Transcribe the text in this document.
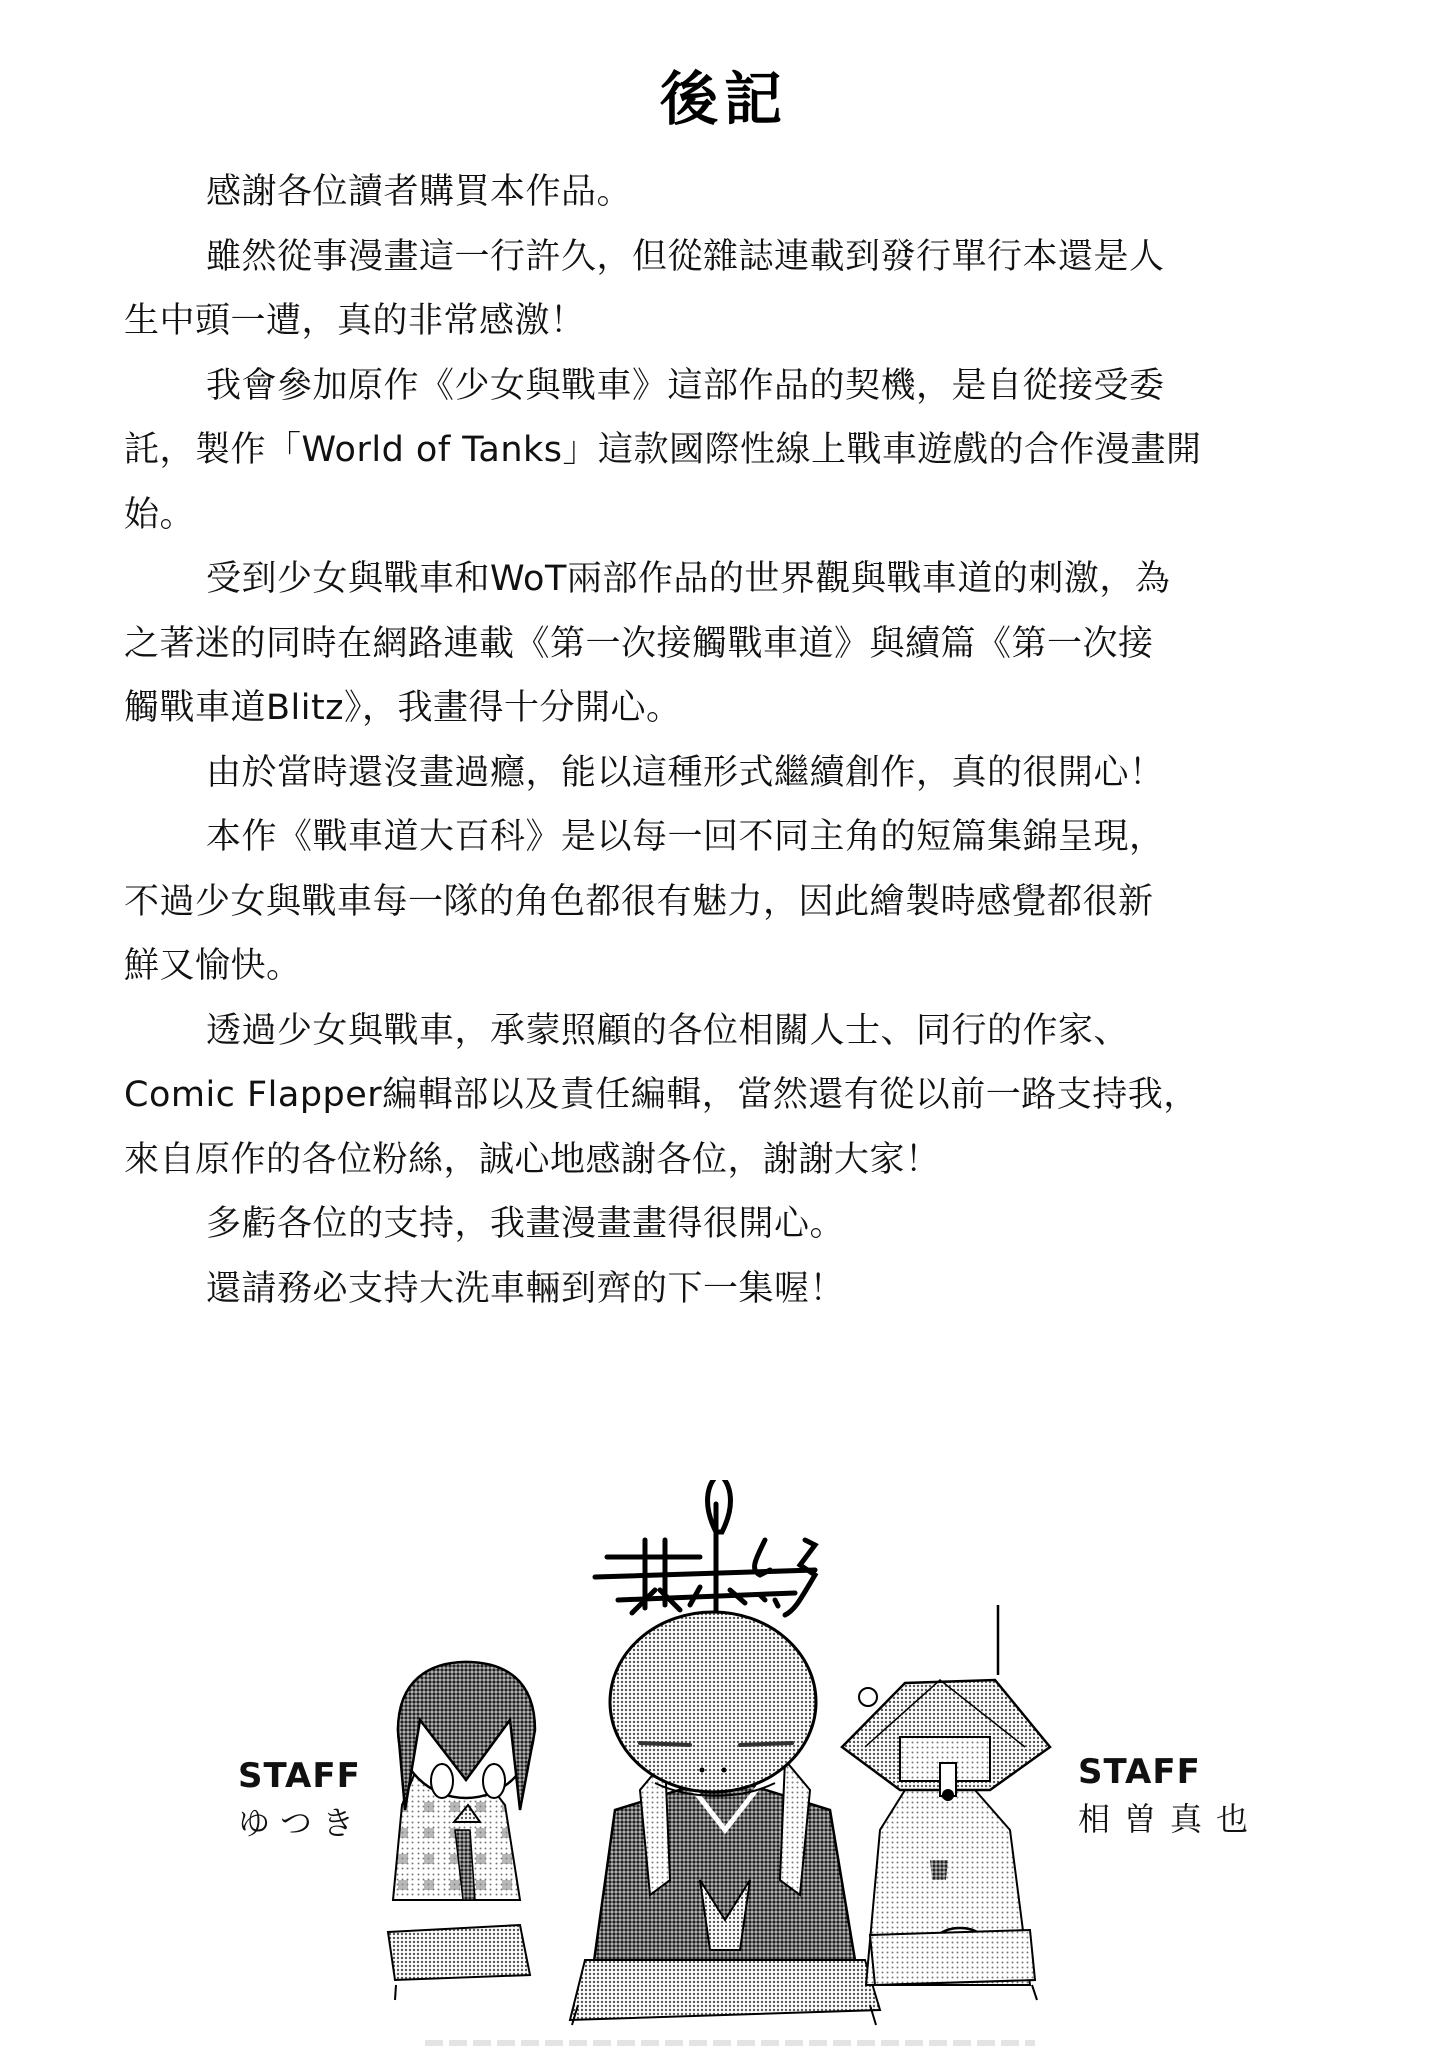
後記
感謝各位讀者購買本作品。
雖然從事漫畫這一行許久，但從雜誌連載到發行單行本還是人
生中頭一遭，真的非常感激！
我會參加原作《少女與戰車》這部作品的契機，是自從接受委
託，製作「World of Tanks」這款國際性線上戰車遊戲的合作漫畫開
始。
受到少女與戰車和WoT兩部作品的世界觀與戰車道的刺激，為
之著迷的同時在網路連載《第一次接觸戰車道》與續篇《第一次接
觸戰車道Blitz》，我畫得十分開心。
由於當時還沒畫過癮，能以這種形式繼續創作，真的很開心！
本作《戰車道大百科》是以每一回不同主角的短篇集錦呈現，
不過少女與戰車每一隊的角色都很有魅力，因此繪製時感覺都很新
鮮又愉快。
透過少女與戰車，承蒙照顧的各位相關人士、同行的作家、
Comic Flapper編輯部以及責任編輯，當然還有從以前一路支持我，
來自原作的各位粉絲，誠心地感謝各位，謝謝大家！
多虧各位的支持，我畫漫畫畫得很開心。
還請務必支持大洗車輛到齊的下一集喔！
STAFF
ゆつき
STAFF
相曽真也
